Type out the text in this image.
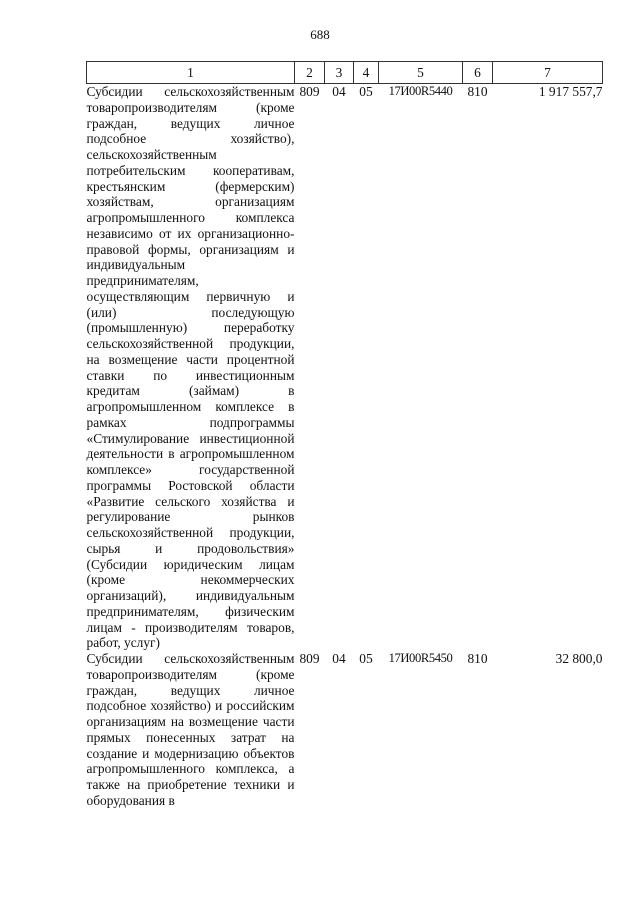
688
1	2	3	4	5	6	7
Субсидии сельскохозяйственным товаропроизводителям (кроме граждан, ведущих личное подсобное хозяйство), сельскохозяйственным потребительским кооперативам, крестьянским (фермерским) хозяйствам, организациям агропромышленного комплекса независимо от их организационно-правовой формы, организациям и индивидуальным предпринимателям, осуществляющим первичную и (или) последующую (промышленную) переработку сельскохозяйственной продукции, на возмещение части процентной ставки по инвестиционным кредитам (займам) в агропромышленном комплексе в рамках подпрограммы «Стимулирование инвестиционной деятельности в агропромышленном комплексе» государственной программы Ростовской области «Развитие сельского хозяйства и регулирование рынков сельскохозяйственной продукции, сырья и продовольствия» (Субсидии юридическим лицам (кроме некоммерческих организаций), индивидуальным предпринимателям, физическим лицам - производителям товаров, работ, услуг)	809	04	05	17И00R5440	810	1 917 557,7
Субсидии сельскохозяйственным товаропроизводителям (кроме граждан, ведущих личное подсобное хозяйство) и российским организациям на возмещение части прямых понесенных затрат на создание и модернизацию объектов агропромышленного комплекса, а также на приобретение техники и оборудования в	809	04	05	17И00R5450	810	32 800,0
